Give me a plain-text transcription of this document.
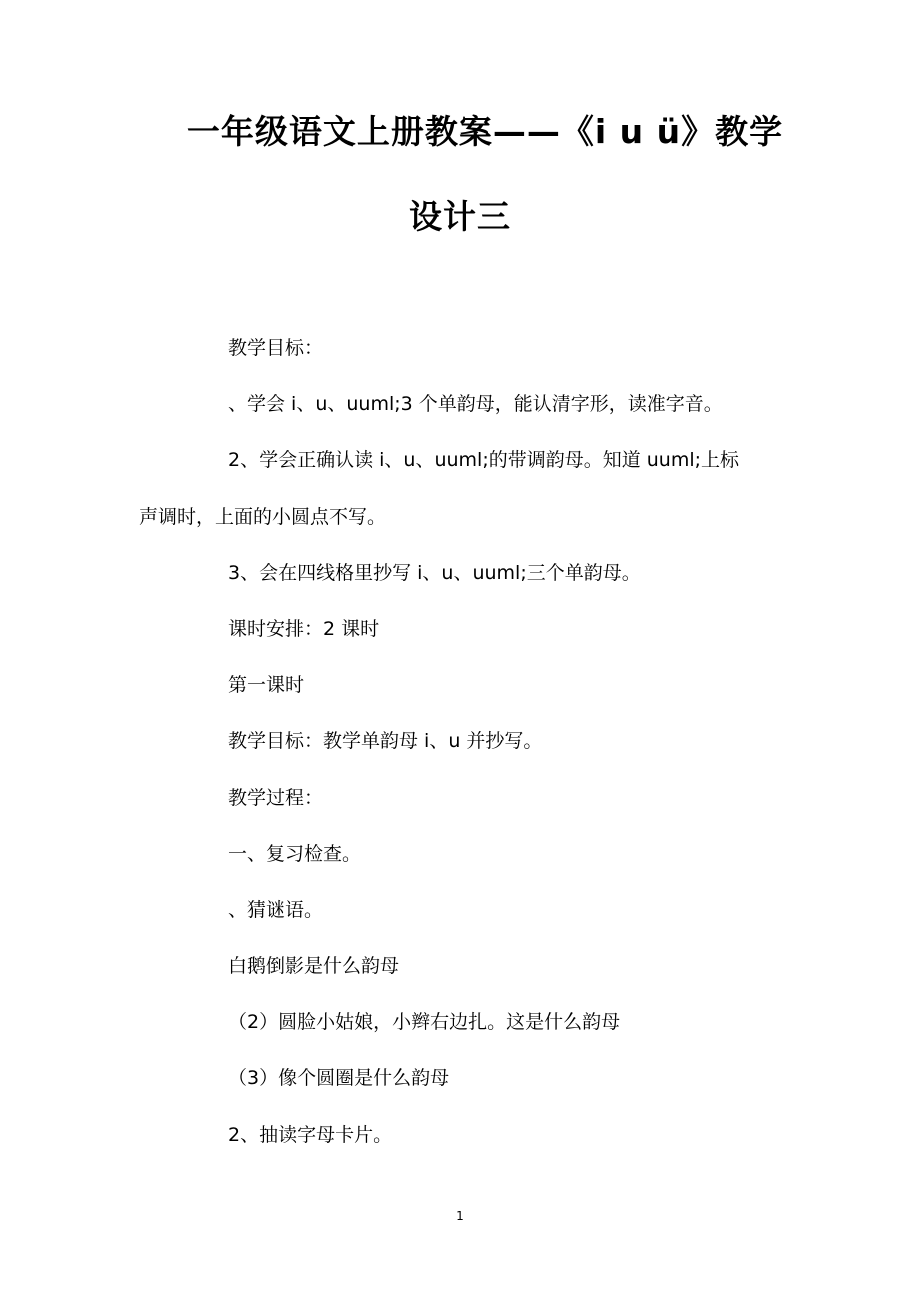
一年级语文上册教案——《i u ü》教学
设计三
教学目标：
、学会 i、u、uuml;3 个单韵母，能认清字形，读准字音。
2、学会正确认读 i、u、uuml;的带调韵母。知道 uuml;上标
声调时，上面的小圆点不写。
3、会在四线格里抄写 i、u、uuml;三个单韵母。
课时安排：2 课时
第一课时
教学目标：教学单韵母 i、u 并抄写。
教学过程：
一、复习检查。
、猜谜语。
白鹅倒影是什么韵母
（2）圆脸小姑娘，小辫右边扎。这是什么韵母
（3）像个圆圈是什么韵母
2、抽读字母卡片。
1
